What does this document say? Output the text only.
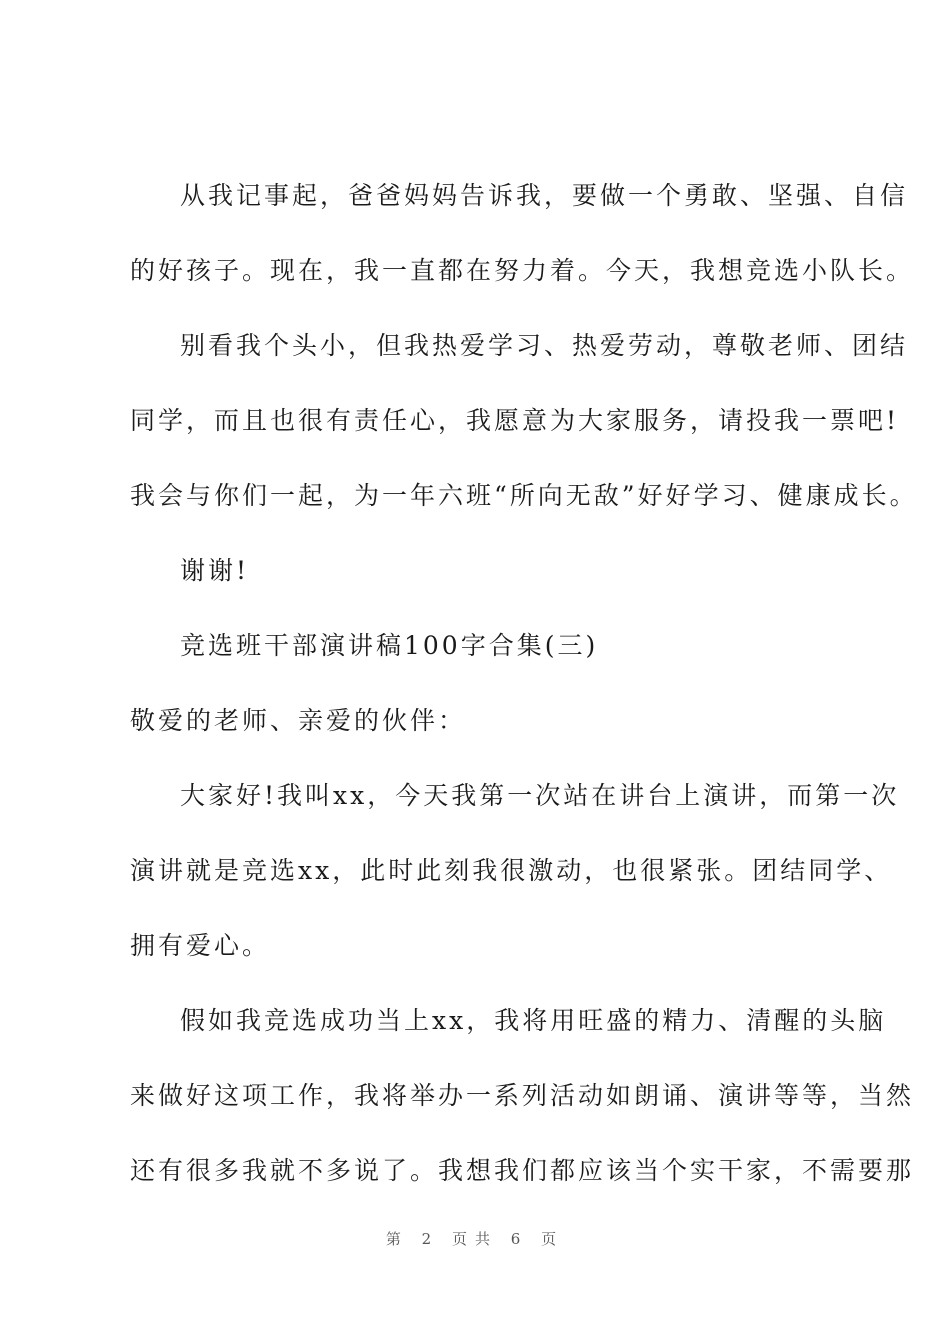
从我记事起，爸爸妈妈告诉我，要做一个勇敢、坚强、自信
的好孩子。现在，我一直都在努力着。今天，我想竞选小队长。
别看我个头小，但我热爱学习、热爱劳动，尊敬老师、团结
同学，而且也很有责任心，我愿意为大家服务，请投我一票吧!
我会与你们一起，为一年六班“所向无敌”好好学习、健康成长。
谢谢!
竞选班干部演讲稿100字合集(三)
敬爱的老师、亲爱的伙伴：
大家好!我叫xx，今天我第一次站在讲台上演讲，而第一次
演讲就是竞选xx，此时此刻我很激动，也很紧张。团结同学、
拥有爱心。
假如我竞选成功当上xx，我将用旺盛的精力、清醒的头脑
来做好这项工作，我将举办一系列活动如朗诵、演讲等等，当然
还有很多我就不多说了。我想我们都应该当个实干家，不需要那
第 2 页共 6 页
